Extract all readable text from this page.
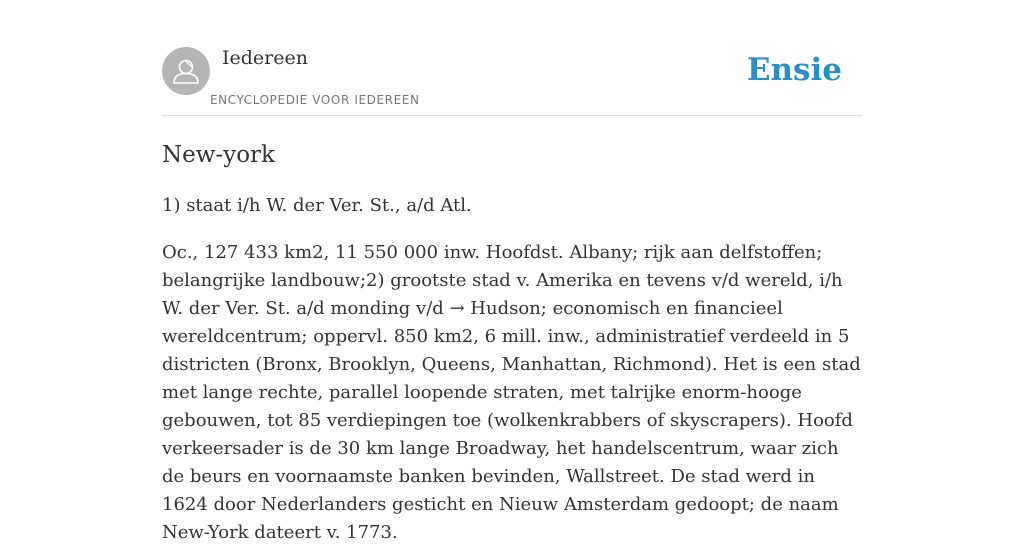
Iedereen
ENCYCLOPEDIE VOOR IEDEREEN
Ensie
New-york

1) staat i/h W. der Ver. St., a/d Atl.

Oc., 127 433 km2, 11 550 000 inw. Hoofdst. Albany; rijk aan delfstoffen; belangrijke landbouw;2) grootste stad v. Amerika en tevens v/d wereld, i/h W. der Ver. St. a/d monding v/d → Hudson; economisch en financieel wereldcentrum; oppervl. 850 km2, 6 mill. inw., administratief verdeeld in 5 districten (Bronx, Brooklyn, Queens, Manhattan, Richmond). Het is een stad met lange rechte, parallel loopende straten, met talrijke enorm-hooge gebouwen, tot 85 verdiepingen toe (wolkenkrabbers of skyscrapers). Hoofd verkeersader is de 30 km lange Broadway, het handelscentrum, waar zich de beurs en voornaamste banken bevinden, Wallstreet. De stad werd in 1624 door Nederlanders gesticht en Nieuw Amsterdam gedoopt; de naam New-York dateert v. 1773.
